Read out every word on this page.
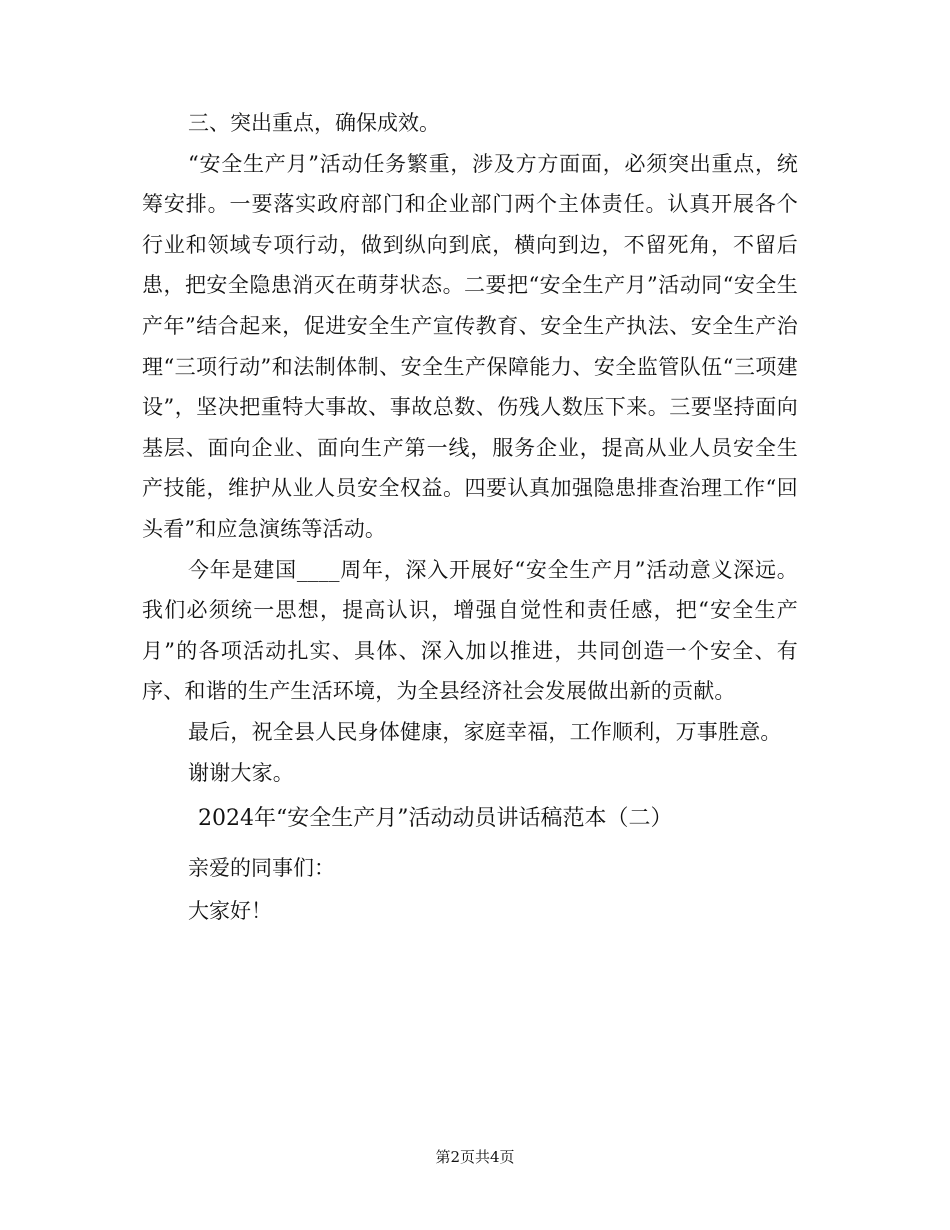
三、突出重点，确保成效。

“安全生产月”活动任务繁重，涉及方方面面，必须突出重点，统筹安排。一要落实政府部门和企业部门两个主体责任。认真开展各个行业和领域专项行动，做到纵向到底，横向到边，不留死角，不留后患，把安全隐患消灭在萌芽状态。二要把“安全生产月”活动同“安全生产年”结合起来，促进安全生产宣传教育、安全生产执法、安全生产治理“三项行动”和法制体制、安全生产保障能力、安全监管队伍“三项建设”，坚决把重特大事故、事故总数、伤残人数压下来。三要坚持面向基层、面向企业、面向生产第一线，服务企业，提高从业人员安全生产技能，维护从业人员安全权益。四要认真加强隐患排查治理工作“回头看”和应急演练等活动。

今年是建国____周年，深入开展好“安全生产月”活动意义深远。我们必须统一思想，提高认识，增强自觉性和责任感，把“安全生产月”的各项活动扎实、具体、深入加以推进，共同创造一个安全、有序、和谐的生产生活环境，为全县经济社会发展做出新的贡献。

最后，祝全县人民身体健康，家庭幸福，工作顺利，万事胜意。

谢谢大家。

2024年“安全生产月”活动动员讲话稿范本（二）

亲爱的同事们：

大家好！

第2页共4页
